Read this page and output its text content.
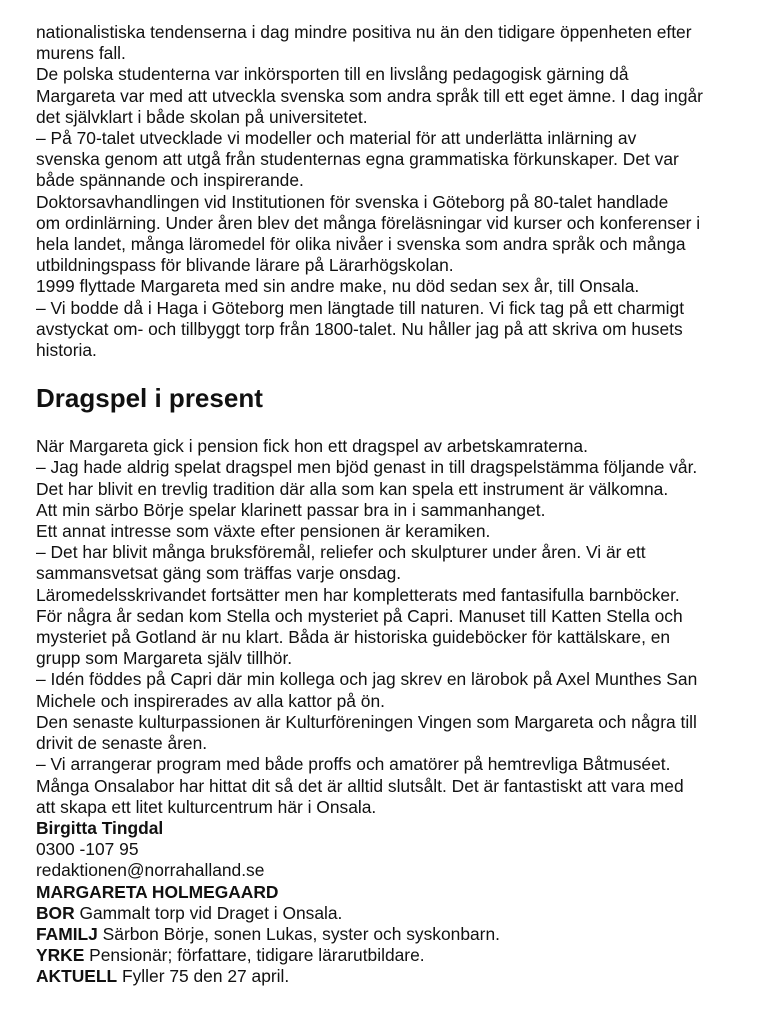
nationalistiska tendenserna i dag mindre positiva nu än den tidigare öppenheten efter
murens fall.
De polska studenterna var inkörsporten till en livslång pedagogisk gärning då
Margareta var med att utveckla svenska som andra språk till ett eget ämne. I dag ingår
det självklart i både skolan på universitetet.
– På 70-talet utvecklade vi modeller och material för att underlätta inlärning av
svenska genom att utgå från studenternas egna grammatiska förkunskaper. Det var
både spännande och inspirerande.
Doktorsavhandlingen vid Institutionen för svenska i Göteborg på 80-talet handlade
om ordinlärning. Under åren blev det många föreläsningar vid kurser och konferenser i
hela landet, många läromedel för olika nivåer i svenska som andra språk och många
utbildningspass för blivande lärare på Lärarhögskolan.
1999 flyttade Margareta med sin andre make, nu död sedan sex år, till Onsala.
– Vi bodde då i Haga i Göteborg men längtade till naturen. Vi fick tag på ett charmigt
avstyckat om- och tillbyggt torp från 1800-talet. Nu håller jag på att skriva om husets
historia.
Dragspel i present
När Margareta gick i pension fick hon ett dragspel av arbetskamraterna.
– Jag hade aldrig spelat dragspel men bjöd genast in till dragspelstämma följande vår.
Det har blivit en trevlig tradition där alla som kan spela ett instrument är välkomna.
Att min särbo Börje spelar klarinett passar bra in i sammanhanget.
Ett annat intresse som växte efter pensionen är keramiken.
– Det har blivit många bruksföremål, reliefer och skulpturer under åren. Vi är ett
sammansvetsat gäng som träffas varje onsdag.
Läromedelsskrivandet fortsätter men har kompletterats med fantasifulla barnböcker.
För några år sedan kom Stella och mysteriet på Capri. Manuset till Katten Stella och
mysteriet på Gotland är nu klart. Båda är historiska guideböcker för kattälskare, en
grupp som Margareta själv tillhör.
– Idén föddes på Capri där min kollega och jag skrev en lärobok på Axel Munthes San
Michele och inspirerades av alla kattor på ön.
Den senaste kulturpassionen är Kulturföreningen Vingen som Margareta och några till
drivit de senaste åren.
– Vi arrangerar program med både proffs och amatörer på hemtrevliga Båtmuséet.
Många Onsalabor har hittat dit så det är alltid slutsålt. Det är fantastiskt att vara med
att skapa ett litet kulturcentrum här i Onsala.
Birgitta Tingdal
0300 -107 95
redaktionen@norrahalland.se
MARGARETA HOLMEGAARD
BOR Gammalt torp vid Draget i Onsala.
FAMILJ Särbon Börje, sonen Lukas, syster och syskonbarn.
YRKE Pensionär; författare, tidigare lärarutbildare.
AKTUELL Fyller 75 den 27 april.
